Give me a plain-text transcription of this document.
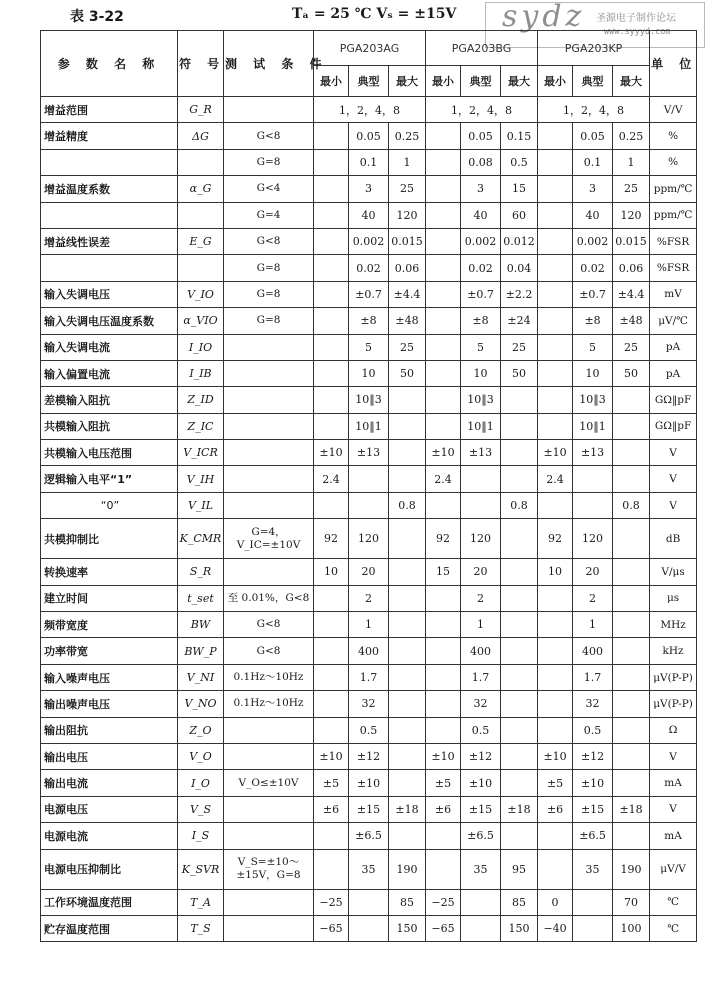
表 3-22	Tₐ = 25 ℃ Vₛ = ±15V sydz 圣源电子制作论坛
www.syyyd.com
参 数 名 称	符 号	测 试 条 件	PGA203AG			PGA203BG			PGA203KP			单 位
			最小	典型	最大	最小	典型	最大	最小	典型	最大	
增益范围	G_R		1，2，4，8			1，2，4，8			1，2，4，8			V/V
增益精度	ΔG	G<8		0.05	0.25		0.05	0.15		0.05	0.25	%
		G=8		0.1	1		0.08	0.5		0.1	1	%
增益温度系数	α_G	G<4		3	25		3	15		3	25	ppm/℃
		G=4		40	120		40	60		40	120	ppm/℃
增益线性误差	E_G	G<8		0.002	0.015		0.002	0.012		0.002	0.015	%FSR
		G=8		0.02	0.06		0.02	0.04		0.02	0.06	%FSR
输入失调电压	V_IO	G=8		±0.7	±4.4		±0.7	±2.2		±0.7	±4.4	mV
输入失调电压温度系数	α_VIO	G=8		±8	±48		±8	±24		±8	±48	μV/℃
输入失调电流	I_IO			5	25		5	25		5	25	pA
输入偏置电流	I_IB			10	50		10	50		10	50	pA
差模输入阻抗	Z_ID			10‖3			10‖3			10‖3		GΩ‖pF
共模输入阻抗	Z_IC			10‖1			10‖1			10‖1		GΩ‖pF
共模输入电压范围	V_ICR		±10	±13		±10	±13		±10	±13		V
逻辑输入电平“1”	V_IH		2.4			2.4			2.4			V
“0”	V_IL				0.8			0.8			0.8	V
共模抑制比	K_CMR	G=4，V_IC=±10V	92	120		92	120		92	120		dB
转换速率	S_R		10	20		15	20		10	20		V/μs
建立时间	t_set	至 0.01%，G<8		2			2			2		μs
频带宽度	BW	G<8		1			1			1		MHz
功率带宽	BW_P	G<8		400			400			400		kHz
输入噪声电压	V_NI	0.1Hz～10Hz		1.7			1.7			1.7		μV(P-P)
输出噪声电压	V_NO	0.1Hz～10Hz		32			32			32		μV(P-P)
输出阻抗	Z_O			0.5			0.5			0.5		Ω
输出电压	V_O		±10	±12		±10	±12		±10	±12		V
输出电流	I_O	V_O≤±10V	±5	±10		±5	±10		±5	±10		mA
电源电压	V_S		±6	±15	±18	±6	±15	±18	±6	±15	±18	V
电源电流	I_S			±6.5			±6.5			±6.5		mA
电源电压抑制比	K_SVR	V_S=±10～±15V，G=8		35	190		35	95		35	190	μV/V
工作环境温度范围	T_A		−25		85	−25		85	0		70	℃
贮存温度范围	T_S		−65		150	−65		150	−40		100	℃
